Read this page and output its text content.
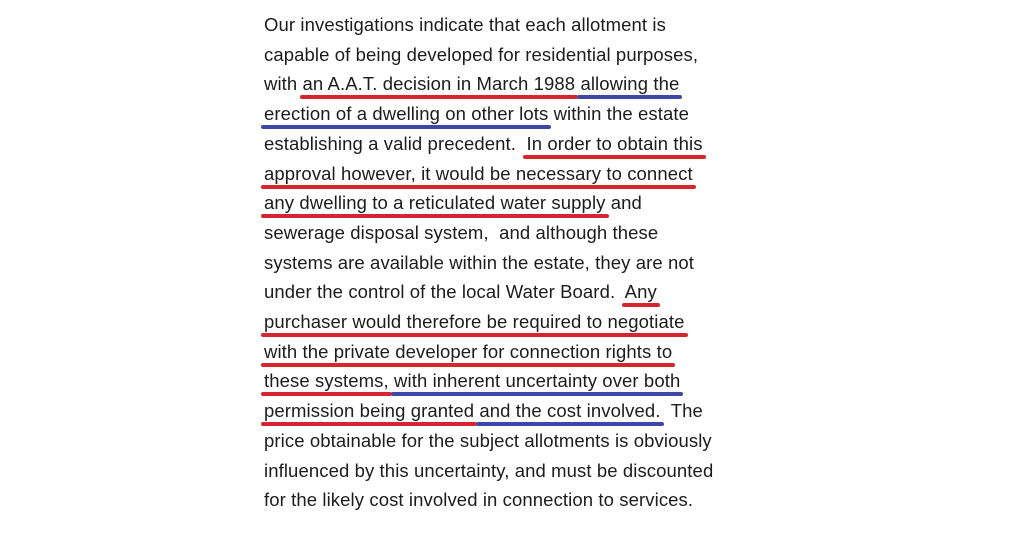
Our investigations indicate that each allotment is
capable of being developed for residential purposes,
with an A.A.T. decision in March 1988 allowing the
erection of a dwelling on other lots within the estate
establishing a valid precedent.  In order to obtain this
approval however, it would be necessary to connect
any dwelling to a reticulated water supply and
sewerage disposal system,  and although these
systems are available within the estate, they are not
under the control of the local Water Board.  Any
purchaser would therefore be required to negotiate
with the private developer for connection rights to
these systems, with inherent uncertainty over both
permission being granted and the cost involved.  The
price obtainable for the subject allotments is obviously
influenced by this uncertainty, and must be discounted
for the likely cost involved in connection to services.
